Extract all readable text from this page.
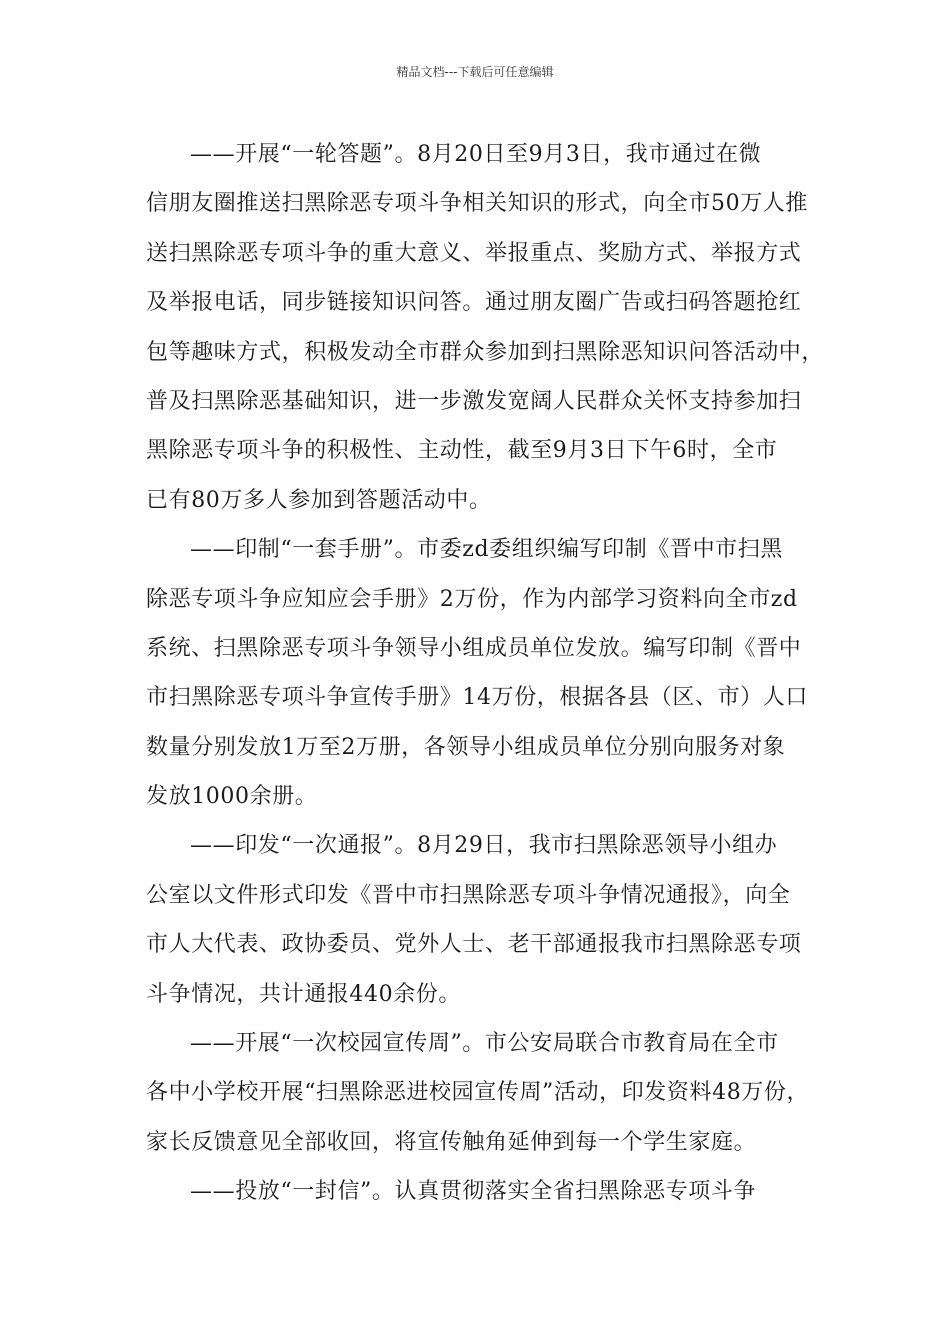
精品文档---下载后可任意编辑
——开展“一轮答题”。8月20日至9月3日，我市通过在微
信朋友圈推送扫黑除恶专项斗争相关知识的形式，向全市50万人推
送扫黑除恶专项斗争的重大意义、举报重点、奖励方式、举报方式
及举报电话，同步链接知识问答。通过朋友圈广告或扫码答题抢红
包等趣味方式，积极发动全市群众参加到扫黑除恶知识问答活动中，
普及扫黑除恶基础知识，进一步激发宽阔人民群众关怀支持参加扫
黑除恶专项斗争的积极性、主动性，截至9月3日下午6时，全市
已有80万多人参加到答题活动中。
——印制“一套手册”。市委zd委组织编写印制《晋中市扫黑
除恶专项斗争应知应会手册》2万份，作为内部学习资料向全市zd
系统、扫黑除恶专项斗争领导小组成员单位发放。编写印制《晋中
市扫黑除恶专项斗争宣传手册》14万份，根据各县（区、市）人口
数量分别发放1万至2万册，各领导小组成员单位分别向服务对象
发放1000余册。
——印发“一次通报”。8月29日，我市扫黑除恶领导小组办
公室以文件形式印发《晋中市扫黑除恶专项斗争情况通报》，向全
市人大代表、政协委员、党外人士、老干部通报我市扫黑除恶专项
斗争情况，共计通报440余份。
——开展“一次校园宣传周”。市公安局联合市教育局在全市
各中小学校开展“扫黑除恶进校园宣传周”活动，印发资料48万份，
家长反馈意见全部收回，将宣传触角延伸到每一个学生家庭。
——投放“一封信”。认真贯彻落实全省扫黑除恶专项斗争
